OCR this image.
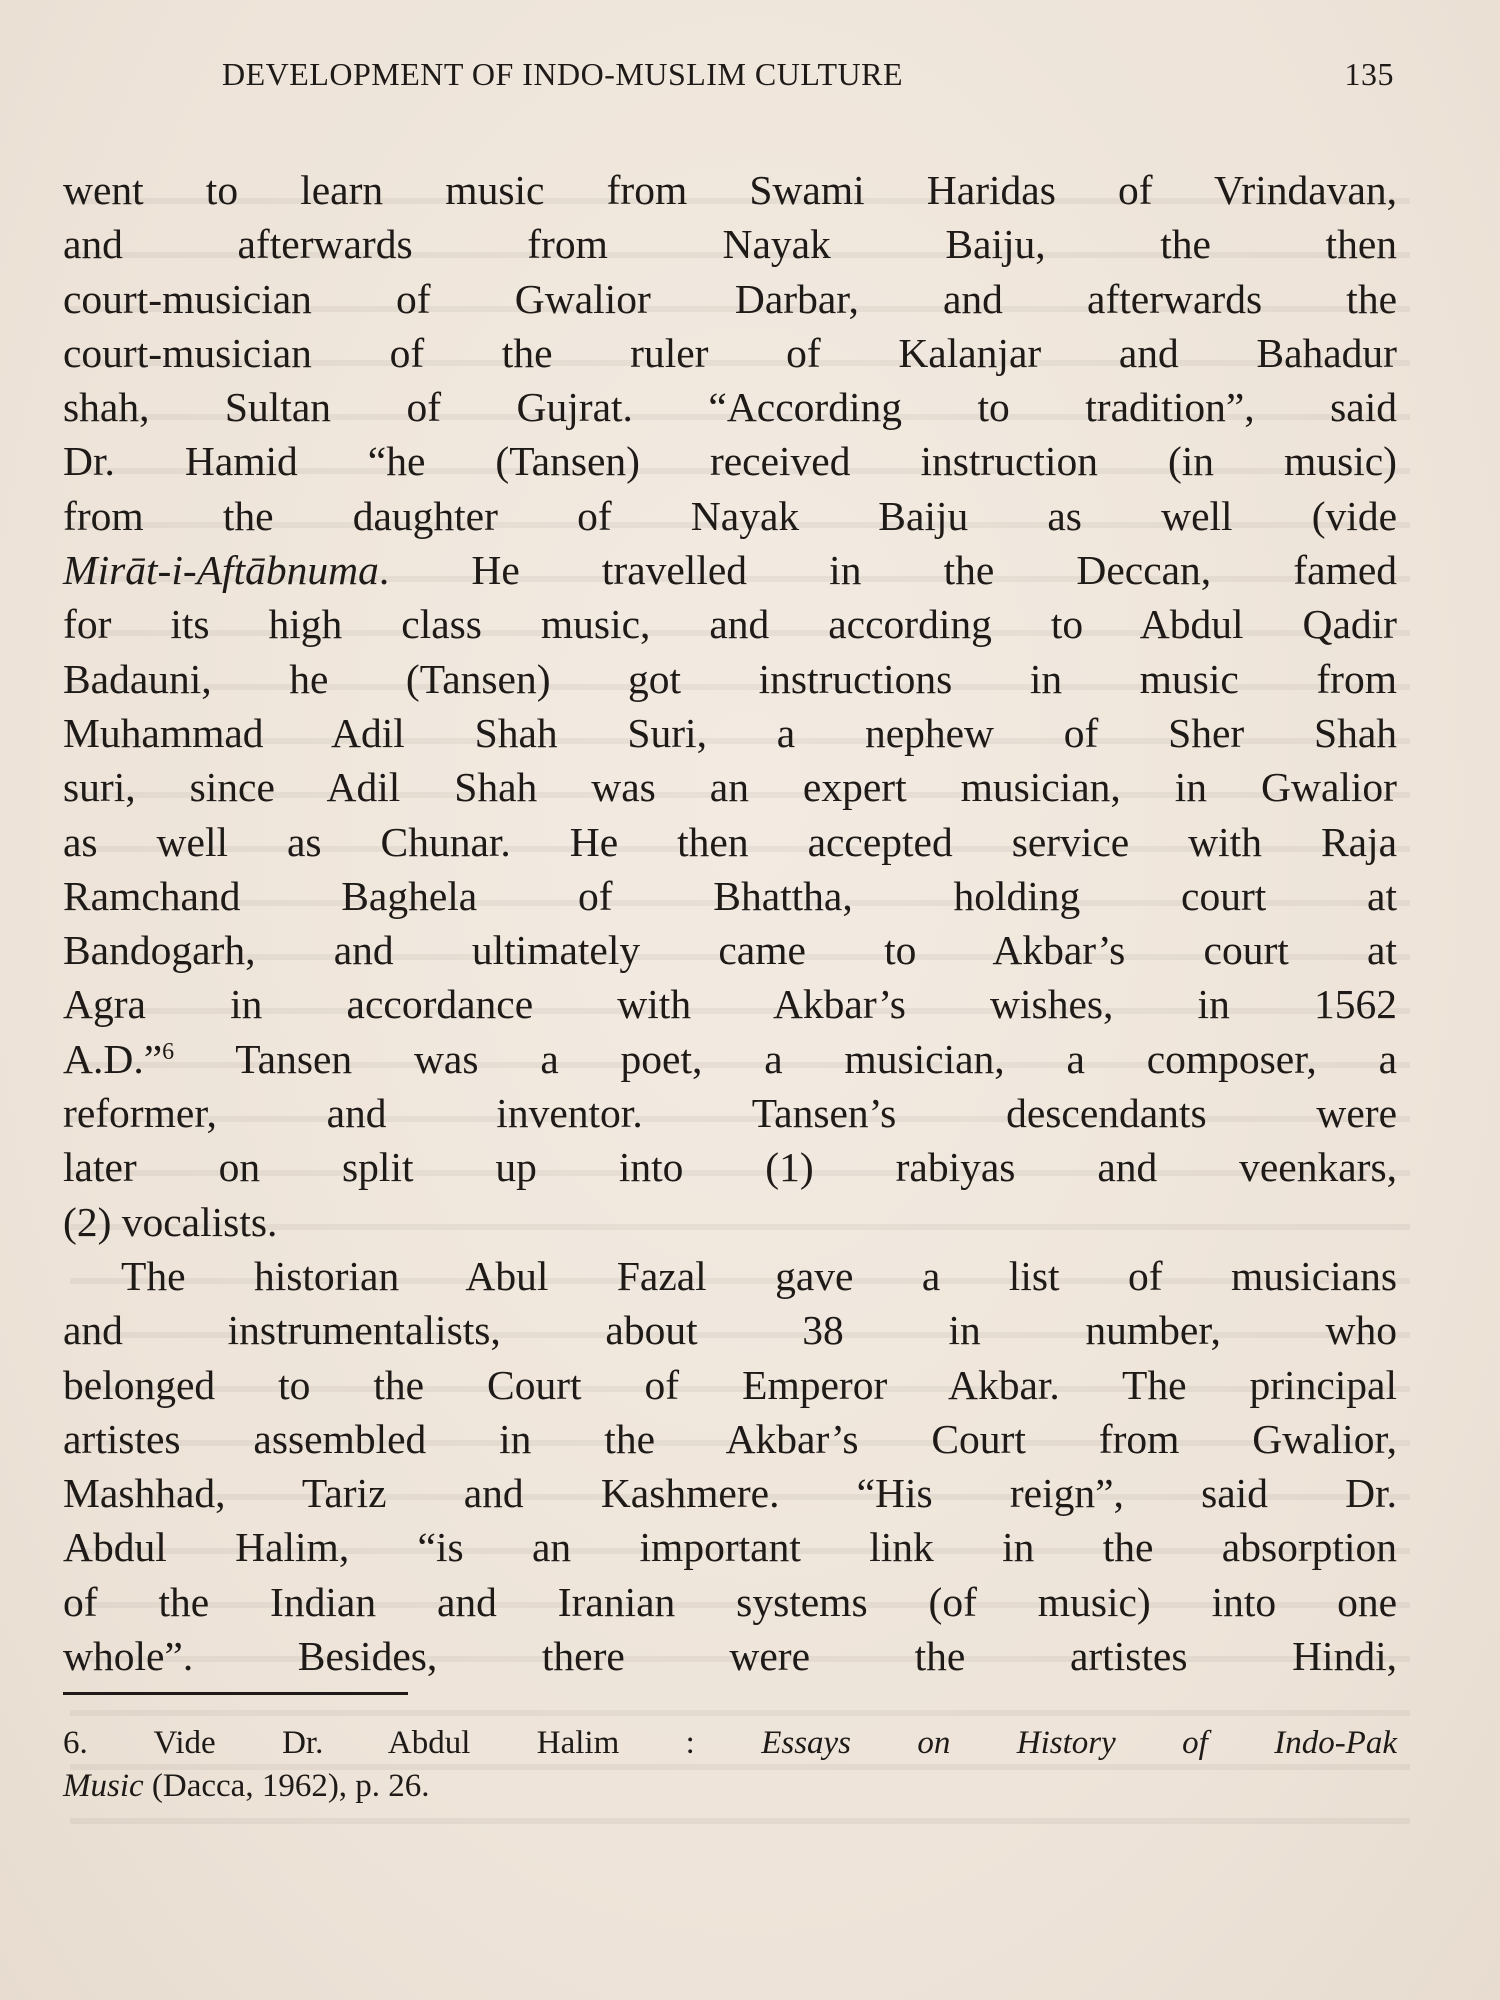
DEVELOPMENT OF INDO-MUSLIM CULTURE	135
went to learn music from Swami Haridas of Vrindavan,
and afterwards from Nayak Baiju, the then
court-musician of Gwalior Darbar, and afterwards the
court-musician of the ruler of Kalanjar and Bahadur
shah, Sultan of Gujrat. “According to tradition”, said
Dr. Hamid “he (Tansen) received instruction (in music)
from the daughter of Nayak Baiju as well (vide
Mirāt-i-Aftābnuma. He travelled in the Deccan, famed
for its high class music, and according to Abdul Qadir
Badauni, he (Tansen) got instructions in music from
Muhammad Adil Shah Suri, a nephew of Sher Shah
suri, since Adil Shah was an expert musician, in Gwalior
as well as Chunar. He then accepted service with Raja
Ramchand Baghela of Bhattha, holding court at
Bandogarh, and ultimately came to Akbar’s court at
Agra in accordance with Akbar’s wishes, in 1562
A.D.”$^6$ Tansen was a poet, a musician, a composer, a
reformer, and inventor. Tansen’s descendants were
later on split up into (1) rabiyas and veenkars,
(2) vocalists.
The historian Abul Fazal gave a list of musicians
and instrumentalists, about 38 in number, who
belonged to the Court of Emperor Akbar. The principal
artistes assembled in the Akbar’s Court from Gwalior,
Mashhad, Tariz and Kashmere. “His reign”, said Dr.
Abdul Halim, “is an important link in the absorption
of the Indian and Iranian systems (of music) into one
whole”. Besides, there were the artistes Hindi,
6. Vide Dr. Abdul Halim : Essays on History of Indo-Pak
Music (Dacca, 1962), p. 26.
